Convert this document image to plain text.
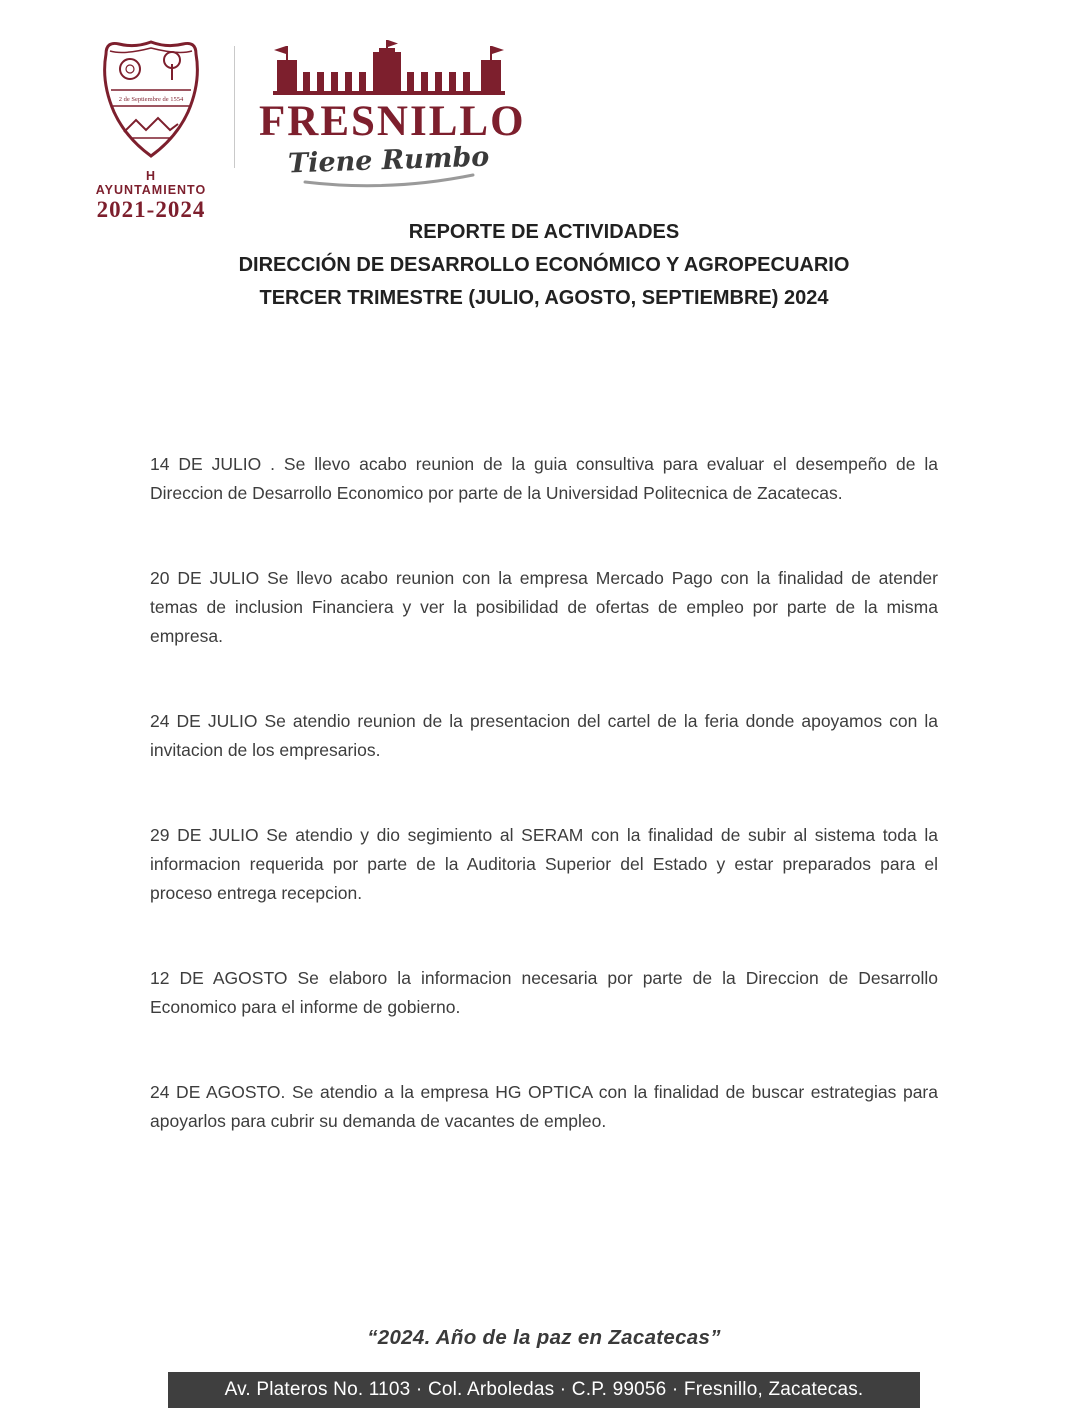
2 de Septiembre de 1554
H AYUNTAMIENTO
2021-2024
FRESNILLO
Tiene Rumbo
REPORTE DE ACTIVIDADES
DIRECCIÓN DE DESARROLLO ECONÓMICO Y AGROPECUARIO
TERCER TRIMESTRE (JULIO, AGOSTO, SEPTIEMBRE) 2024

14 DE JULIO . Se llevo acabo reunion de la guia consultiva para evaluar el desempeño de la Direccion de Desarrollo Economico por parte de la Universidad Politecnica de Zacatecas.

20 DE JULIO Se llevo acabo reunion con la empresa Mercado Pago con la finalidad de atender temas de inclusion Financiera y ver la posibilidad de ofertas de empleo por parte de la misma empresa.

24 DE JULIO Se atendio reunion de la presentacion del cartel de la feria donde apoyamos con la invitacion de los empresarios.

29 DE JULIO Se atendio y dio segimiento al SERAM con la finalidad de subir al sistema toda la informacion requerida por parte de la Auditoria Superior del Estado y estar preparados para el proceso entrega recepcion.

12 DE AGOSTO Se elaboro la informacion necesaria por parte de la Direccion de Desarrollo Economico para el informe de gobierno.

24 DE AGOSTO. Se atendio a la empresa HG OPTICA con la finalidad de buscar estrategias para apoyarlos para cubrir su demanda de vacantes de empleo.

“2024. Año de la paz en Zacatecas”
Av. Plateros No. 1103 · Col. Arboledas · C.P. 99056 · Fresnillo, Zacatecas.
